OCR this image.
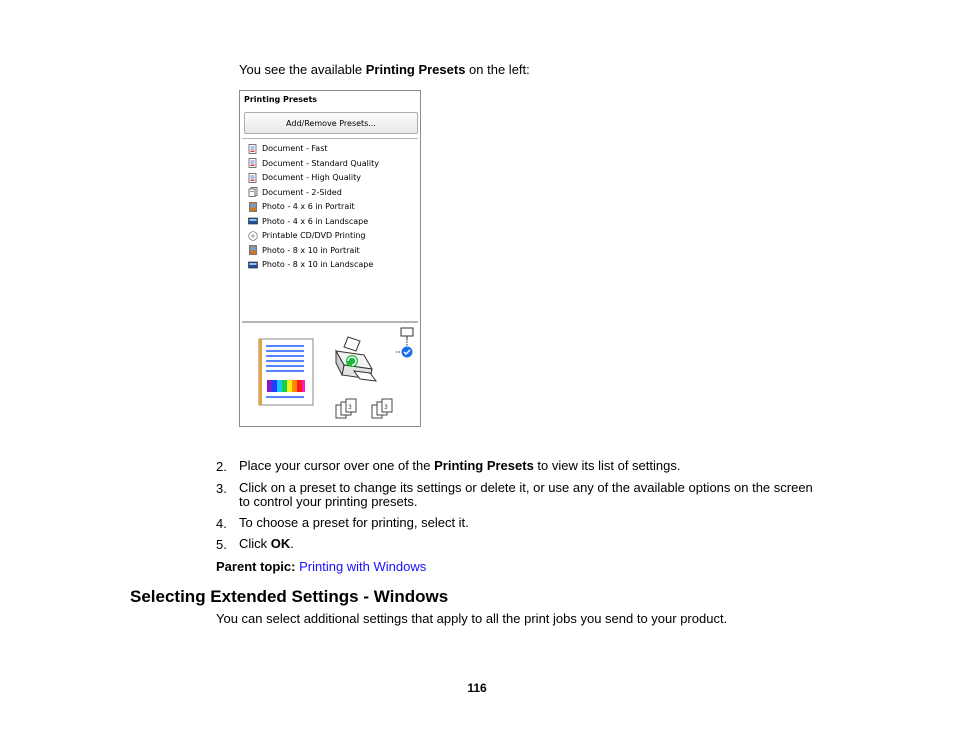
You see the available Printing Presets on the left:
Printing Presets
Add/Remove Presets...
Document - Fast
Document - Standard Quality
Document - High Quality
Document - 2-Sided
Photo - 4 x 6 in Portrait
Photo - 4 x 6 in Landscape
Printable CD/DVD Printing
Photo - 8 x 10 in Portrait
Photo - 8 x 10 in Landscape
3	3
2. Place your cursor over one of the Printing Presets to view its list of settings.
3. Click on a preset to change its settings or delete it, or use any of the available options on the screen to control your printing presets.
4. To choose a preset for printing, select it.
5. Click OK.
Parent topic: Printing with Windows
Selecting Extended Settings - Windows
You can select additional settings that apply to all the print jobs you send to your product.
116
